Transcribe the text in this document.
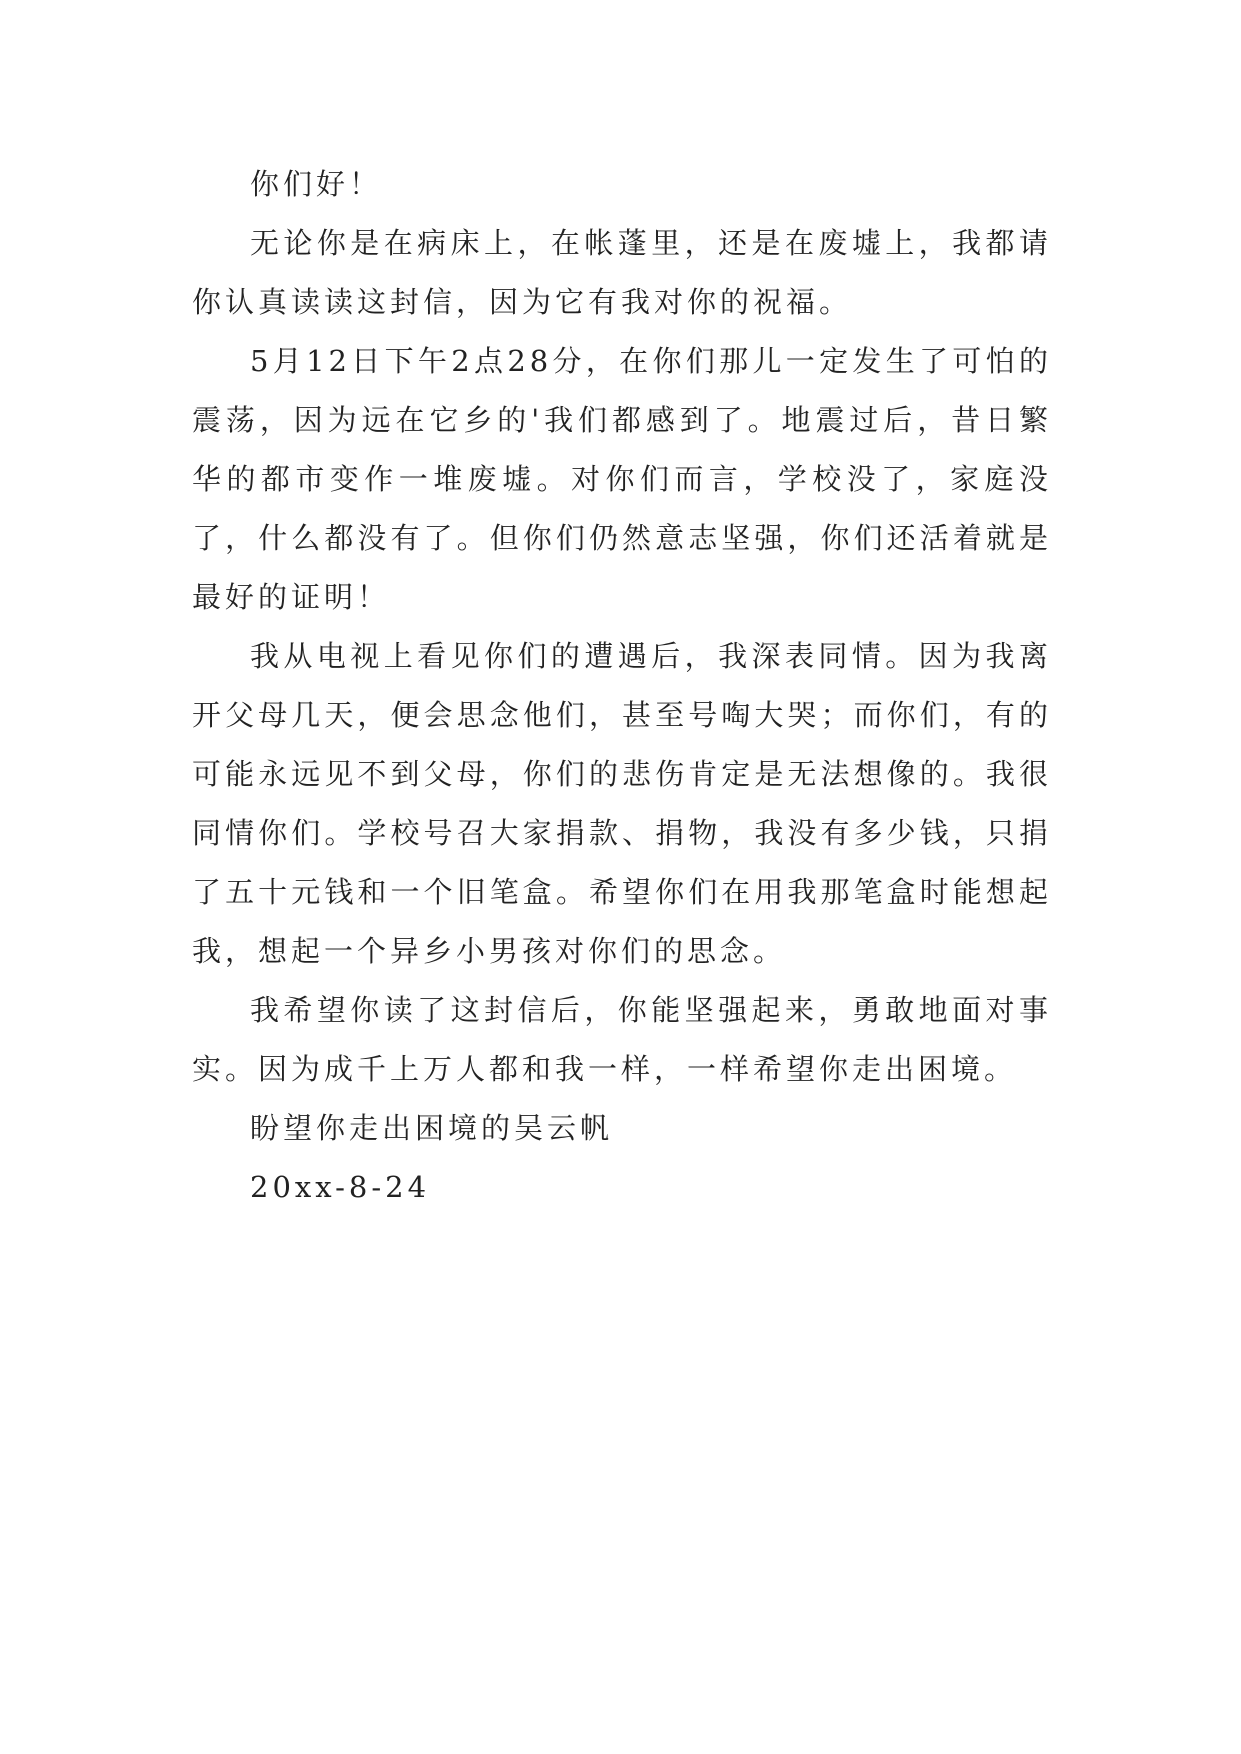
你们好！

无论你是在病床上，在帐蓬里，还是在废墟上，我都请你认真读读这封信，因为它有我对你的祝福。

5月12日下午2点28分，在你们那儿一定发生了可怕的震荡，因为远在它乡的'我们都感到了。地震过后，昔日繁华的都市变作一堆废墟。对你们而言，学校没了，家庭没了，什么都没有了。但你们仍然意志坚强，你们还活着就是最好的证明！

我从电视上看见你们的遭遇后，我深表同情。因为我离开父母几天，便会思念他们，甚至号啕大哭；而你们，有的可能永远见不到父母，你们的悲伤肯定是无法想像的。我很同情你们。学校号召大家捐款、捐物，我没有多少钱，只捐了五十元钱和一个旧笔盒。希望你们在用我那笔盒时能想起我，想起一个异乡小男孩对你们的思念。

我希望你读了这封信后，你能坚强起来，勇敢地面对事实。因为成千上万人都和我一样，一样希望你走出困境。

盼望你走出困境的吴云帆

20xx-8-24
